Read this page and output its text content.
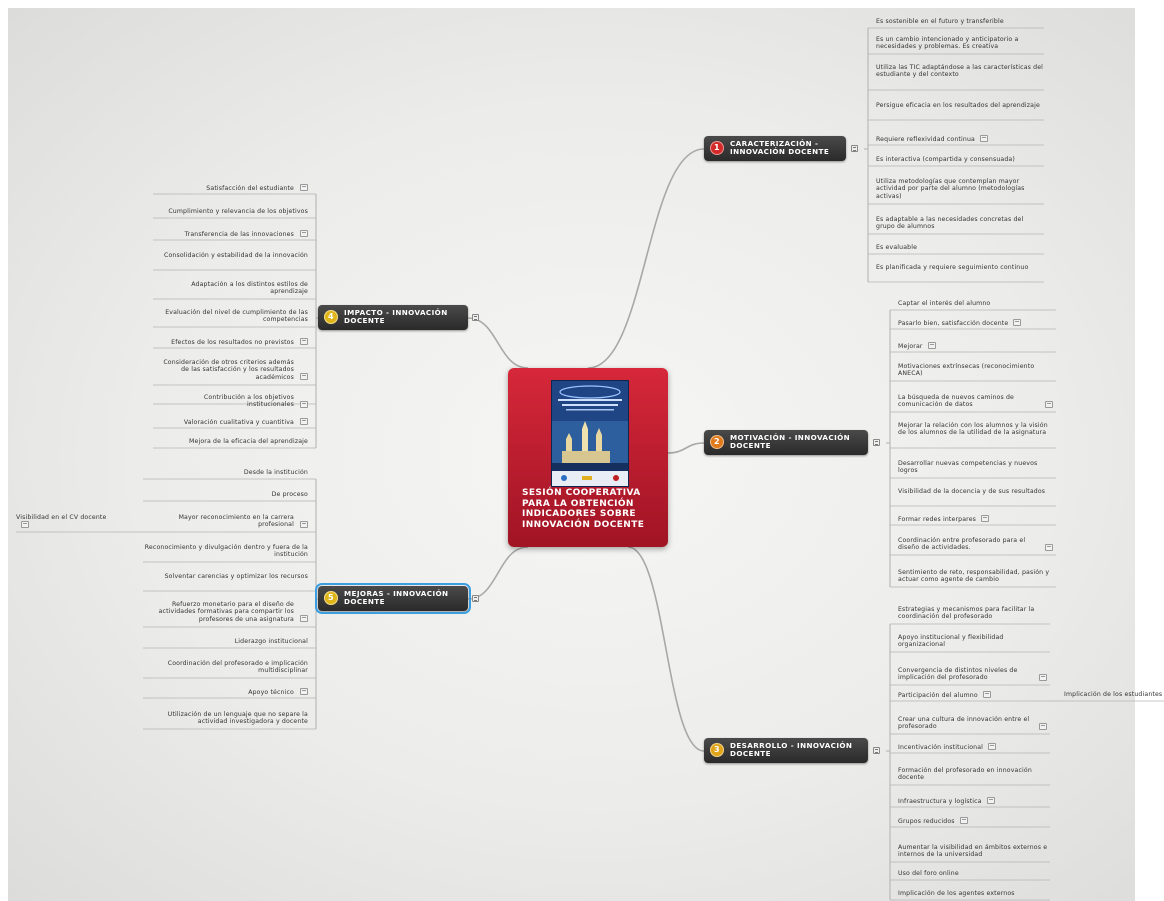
SESIÓN COOPERATIVA PARA LA OBTENCIÓN INDICADORES SOBRE INNOVACIÓN DOCENTE
1	CARACTERIZACIÓN - INNOVACIÓN DOCENTE
2	MOTIVACIÓN - INNOVACIÓN DOCENTE
3	DESARROLLO - INNOVACIÓN DOCENTE
4	IMPACTO - INNOVACIÓN DOCENTE
5	MEJORAS - INNOVACIÓN DOCENTE
Es sostenible en el futuro y transferible
Es un cambio intencionado y anticipatorio a necesidades y problemas. Es creativa
Utiliza las TIC adaptándose a las características del estudiante y del contexto
Persigue eficacia en los resultados del aprendizaje
Requiere reflexividad continua
Es interactiva (compartida y consensuada)
Utiliza metodologías que contemplan mayor actividad por parte del alumno (metodologías activas)
Es adaptable a las necesidades concretas del grupo de alumnos
Es evaluable
Es planificada y requiere seguimiento continuo
Captar el interés del alumno
Pasarlo bien, satisfacción docente
Mejorar
Motivaciones extrínsecas (reconocimiento ANECA)
La búsqueda de nuevos caminos de comunicación de datos
Mejorar la relación con los alumnos y la visión de los alumnos de la utilidad de la asignatura
Desarrollar nuevas competencias y nuevos logros
Visibilidad de la docencia y de sus resultados
Formar redes interpares
Coordinación entre profesorado para el diseño de actividades.
Sentimiento de reto, responsabilidad, pasión y actuar como agente de cambio
Estrategias y mecanismos para facilitar la coordinación del profesorado
Apoyo institucional y flexibilidad organizacional
Convergencia de distintos niveles de implicación del profesorado
Participación del alumno	Implicación de los estudiantes
Crear una cultura de innovación entre el profesorado
Incentivación institucional
Formación del profesorado en innovación docente
Infraestructura y logística
Grupos reducidos
Aumentar la visibilidad en ámbitos externos e internos de la universidad
Uso del foro online
Implicación de los agentes externos
Satisfacción del estudiante
Cumplimiento y relevancia de los objetivos
Transferencia de las innovaciones
Consolidación y estabilidad de la innovación
Adaptación a los distintos estilos de aprendizaje
Evaluación del nivel de cumplimiento de las competencias
Efectos de los resultados no previstos
Consideración de otros criterios además de las satisfacción y los resultados académicos
Contribución a los objetivos institucionales
Valoración cualitativa y cuantitiva
Mejora de la eficacia del aprendizaje
Desde la institución
De proceso
Mayor reconocimiento en la carrera profesional
Visibilidad en el CV docente
Reconocimiento y divulgación dentro y fuera de la institución
Solventar carencias y optimizar los recursos
Refuerzo monetario para el diseño de actividades formativas para compartir los profesores de una asignatura
Liderazgo institucional
Coordinación del profesorado e implicación multidisciplinar
Apoyo técnico
Utilización de un lenguaje que no separe la actividad investigadora y docente
